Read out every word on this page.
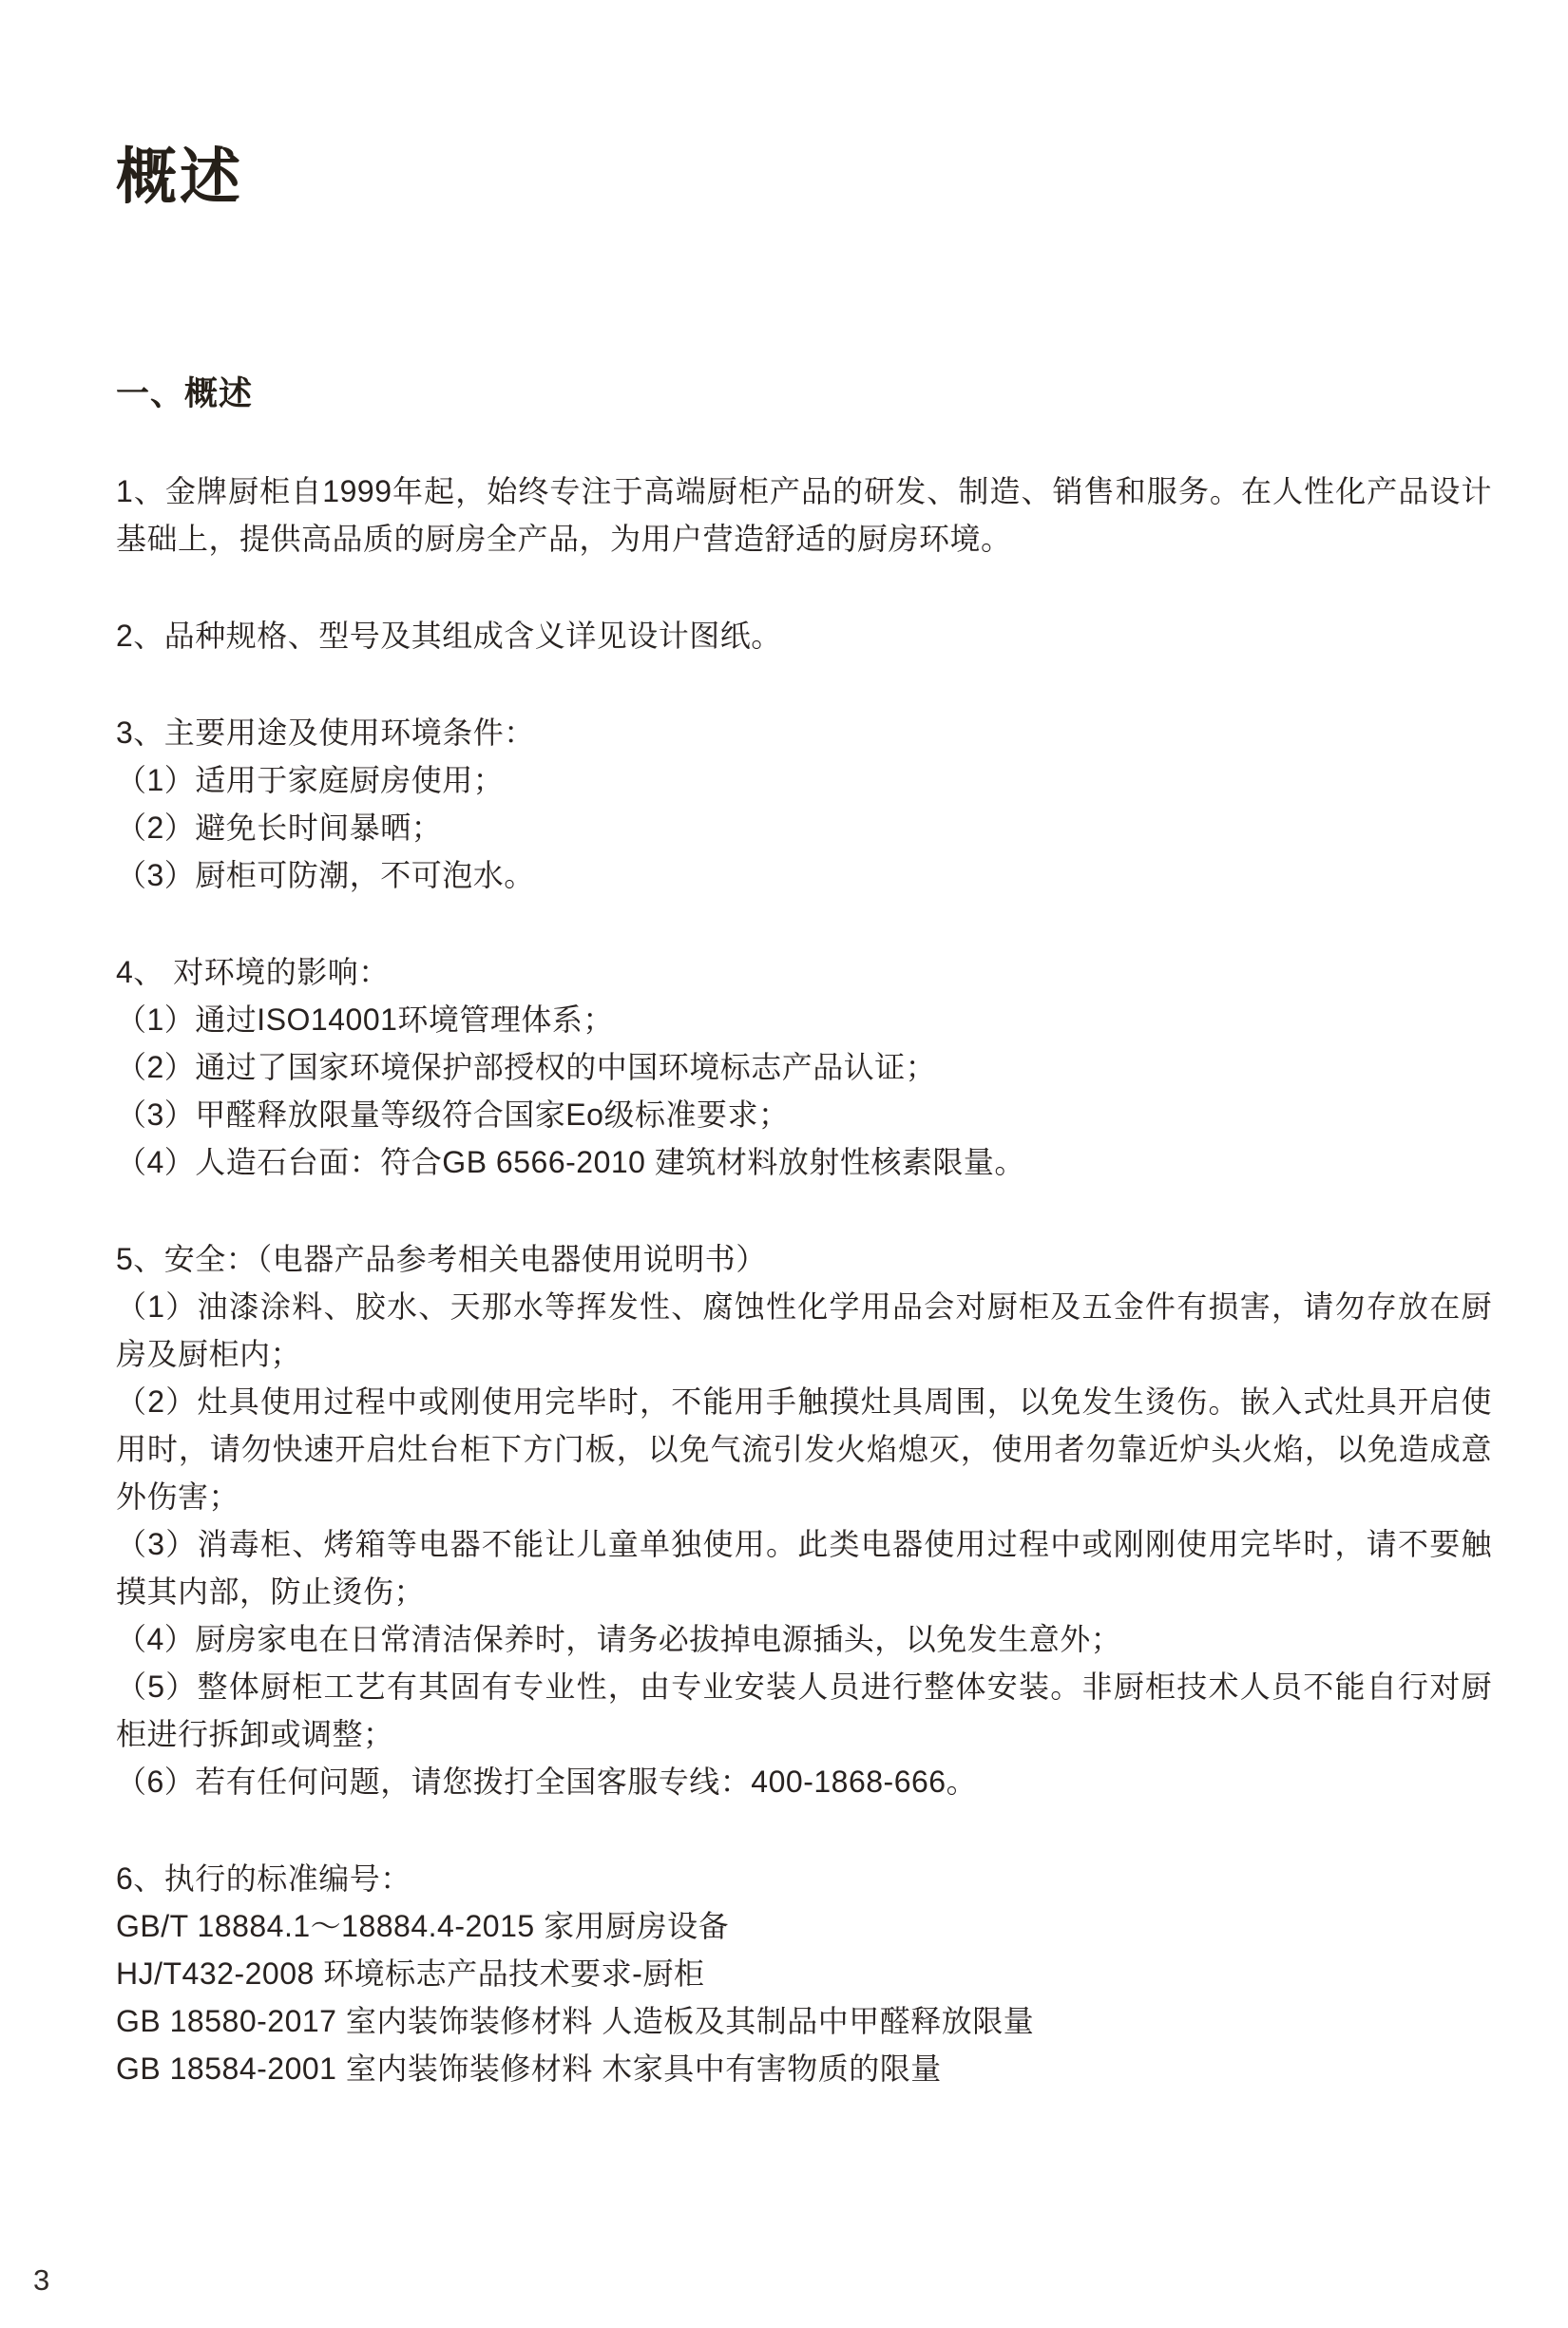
概述
一、概述
1、金牌厨柜自1999年起，始终专注于高端厨柜产品的研发、制造、销售和服务。在人性化产品设计基础上，提供高品质的厨房全产品，为用户营造舒适的厨房环境。
2、品种规格、型号及其组成含义详见设计图纸。
3、主要用途及使用环境条件：
（1）适用于家庭厨房使用；
（2）避免长时间暴晒；
（3）厨柜可防潮，不可泡水。
4、 对环境的影响：
（1）通过ISO14001环境管理体系；
（2）通过了国家环境保护部授权的中国环境标志产品认证；
（3）甲醛释放限量等级符合国家Eo级标准要求；
（4）人造石台面：符合GB 6566-2010 建筑材料放射性核素限量。
5、安全：（电器产品参考相关电器使用说明书）
（1）油漆涂料、胶水、天那水等挥发性、腐蚀性化学用品会对厨柜及五金件有损害，请勿存放在厨房及厨柜内；
（2）灶具使用过程中或刚使用完毕时，不能用手触摸灶具周围，以免发生烫伤。嵌入式灶具开启使用时，请勿快速开启灶台柜下方门板，以免气流引发火焰熄灭，使用者勿靠近炉头火焰，以免造成意外伤害；
（3）消毒柜、烤箱等电器不能让儿童单独使用。此类电器使用过程中或刚刚使用完毕时，请不要触摸其内部，防止烫伤；
（4）厨房家电在日常清洁保养时，请务必拔掉电源插头，以免发生意外；
（5）整体厨柜工艺有其固有专业性，由专业安装人员进行整体安装。非厨柜技术人员不能自行对厨柜进行拆卸或调整；
（6）若有任何问题，请您拨打全国客服专线：400-1868-666。
6、执行的标准编号：
GB/T 18884.1～18884.4-2015 家用厨房设备
HJ/T432-2008 环境标志产品技术要求-厨柜
GB 18580-2017 室内装饰装修材料 人造板及其制品中甲醛释放限量
GB 18584-2001 室内装饰装修材料 木家具中有害物质的限量
3
